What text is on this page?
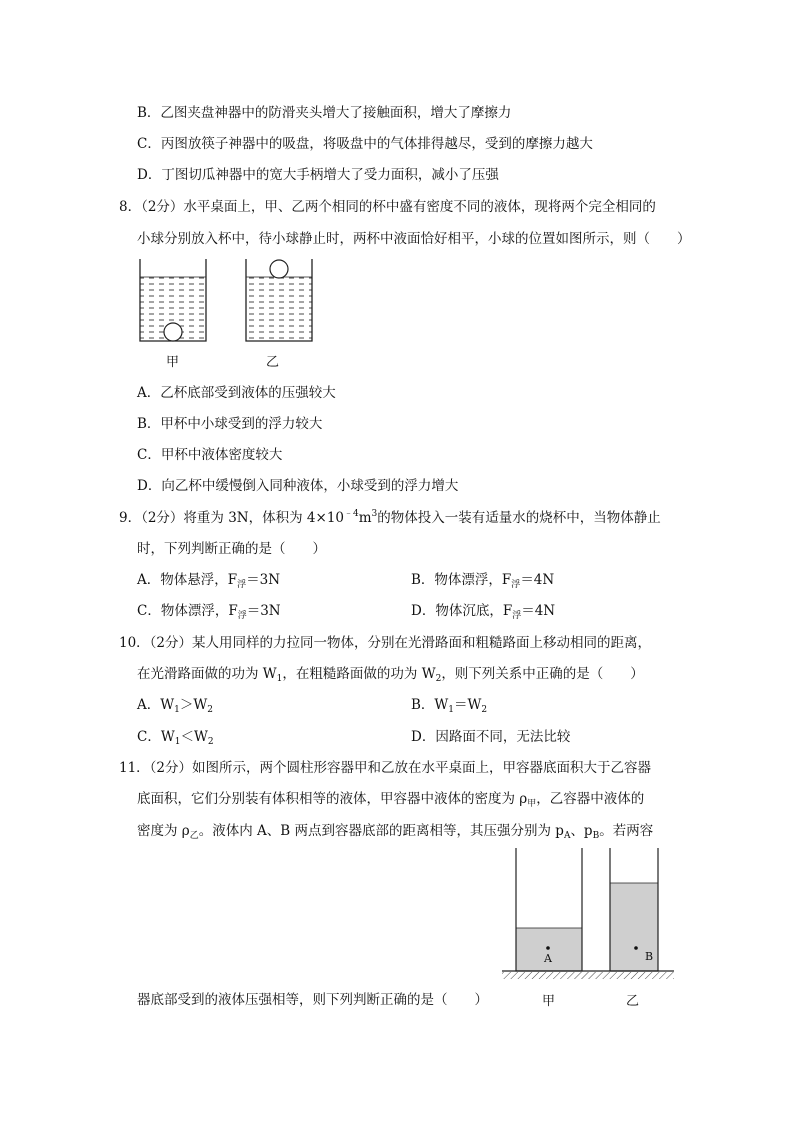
B．乙图夹盘神器中的防滑夹头增大了接触面积，增大了摩擦力
C．丙图放筷子神器中的吸盘，将吸盘中的气体排得越尽，受到的摩擦力越大
D．丁图切瓜神器中的宽大手柄增大了受力面积，减小了压强
8．（2分）水平桌面上，甲、乙两个相同的杯中盛有密度不同的液体，现将两个完全相同的
小球分别放入杯中，待小球静止时，两杯中液面恰好相平，小球的位置如图所示，则（　　）
甲	乙
A．乙杯底部受到液体的压强较大
B．甲杯中小球受到的浮力较大
C．甲杯中液体密度较大
D．向乙杯中缓慢倒入同种液体，小球受到的浮力增大
9．（2分）将重为 3N，体积为 $4\times 10^{﹣4}m^3$的物体投入一装有适量水的烧杯中，当物体静止
时，下列判断正确的是（　　）
A．物体悬浮，$F_浮=3N$	B．物体漂浮，$F_浮=4N$
C．物体漂浮，$F_浮=3N$	D．物体沉底，$F_浮=4N$
10．（2分）某人用同样的力拉同一物体，分别在光滑路面和粗糙路面上移动相同的距离，
在光滑路面做的功为 $W_1$，在粗糙路面做的功为 $W_2$，则下列关系中正确的是（　　）
A．$W_1>W_2$	B．$W_1=W_2$
C．$W_1<W_2$	D．因路面不同，无法比较
11．（2分）如图所示，两个圆柱形容器甲和乙放在水平桌面上，甲容器底面积大于乙容器
底面积，它们分别装有体积相等的液体，甲容器中液体的密度为 $\rho_甲$，乙容器中液体的
密度为 $\rho_乙$。液体内 A、B 两点到容器底部的距离相等，其压强分别为 $p_A$、$p_B$。若两容
A	B
器底部受到的液体压强相等，则下列判断正确的是（　　）	甲	乙
